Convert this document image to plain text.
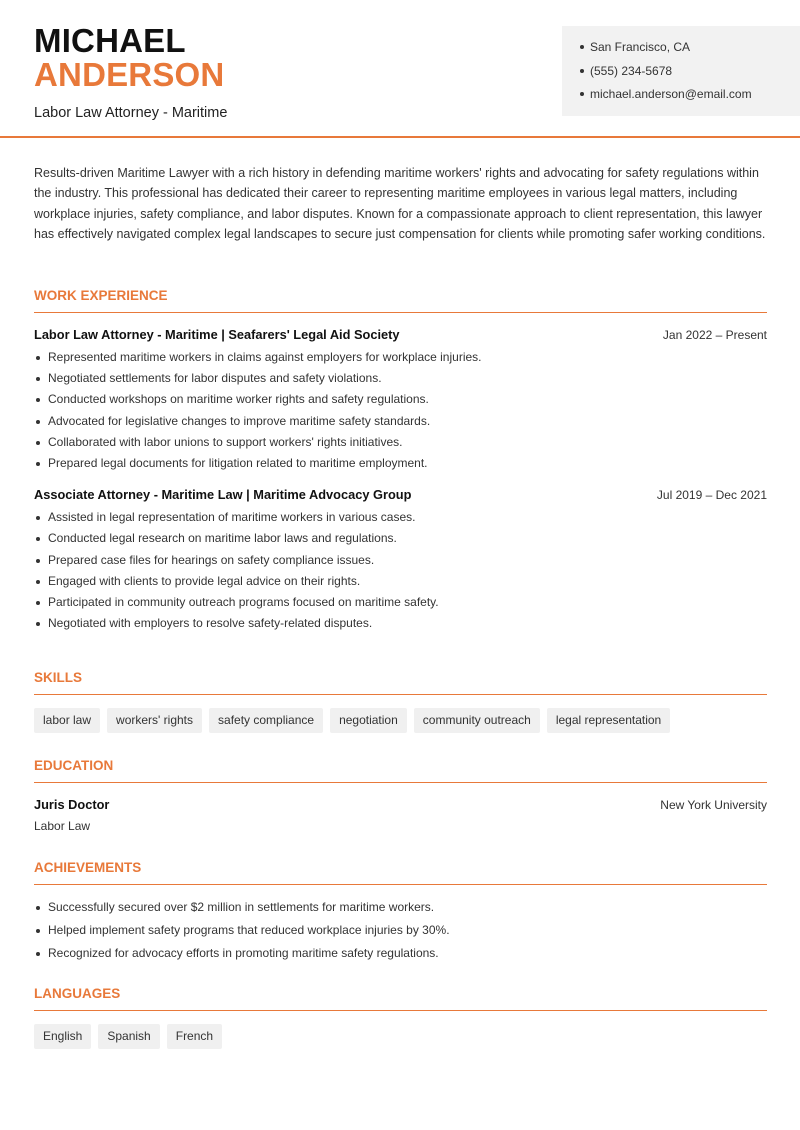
MICHAEL
ANDERSON
Labor Law Attorney - Maritime
San Francisco, CA
(555) 234-5678
michael.anderson@email.com

Results-driven Maritime Lawyer with a rich history in defending maritime workers' rights and advocating for safety regulations within the industry. This professional has dedicated their career to representing maritime employees in various legal matters, including workplace injuries, safety compliance, and labor disputes. Known for a compassionate approach to client representation, this lawyer has effectively navigated complex legal landscapes to secure just compensation for clients while promoting safer working conditions.

WORK EXPERIENCE
Labor Law Attorney - Maritime | Seafarers' Legal Aid Society	Jan 2022 – Present
Represented maritime workers in claims against employers for workplace injuries.
Negotiated settlements for labor disputes and safety violations.
Conducted workshops on maritime worker rights and safety regulations.
Advocated for legislative changes to improve maritime safety standards.
Collaborated with labor unions to support workers' rights initiatives.
Prepared legal documents for litigation related to maritime employment.
Associate Attorney - Maritime Law | Maritime Advocacy Group	Jul 2019 – Dec 2021
Assisted in legal representation of maritime workers in various cases.
Conducted legal research on maritime labor laws and regulations.
Prepared case files for hearings on safety compliance issues.
Engaged with clients to provide legal advice on their rights.
Participated in community outreach programs focused on maritime safety.
Negotiated with employers to resolve safety-related disputes.
SKILLS
labor law	workers' rights	safety compliance	negotiation	community outreach	legal representation
EDUCATION
Juris Doctor	New York University
Labor Law
ACHIEVEMENTS
Successfully secured over $2 million in settlements for maritime workers.
Helped implement safety programs that reduced workplace injuries by 30%.
Recognized for advocacy efforts in promoting maritime safety regulations.
LANGUAGES
English	Spanish	French
